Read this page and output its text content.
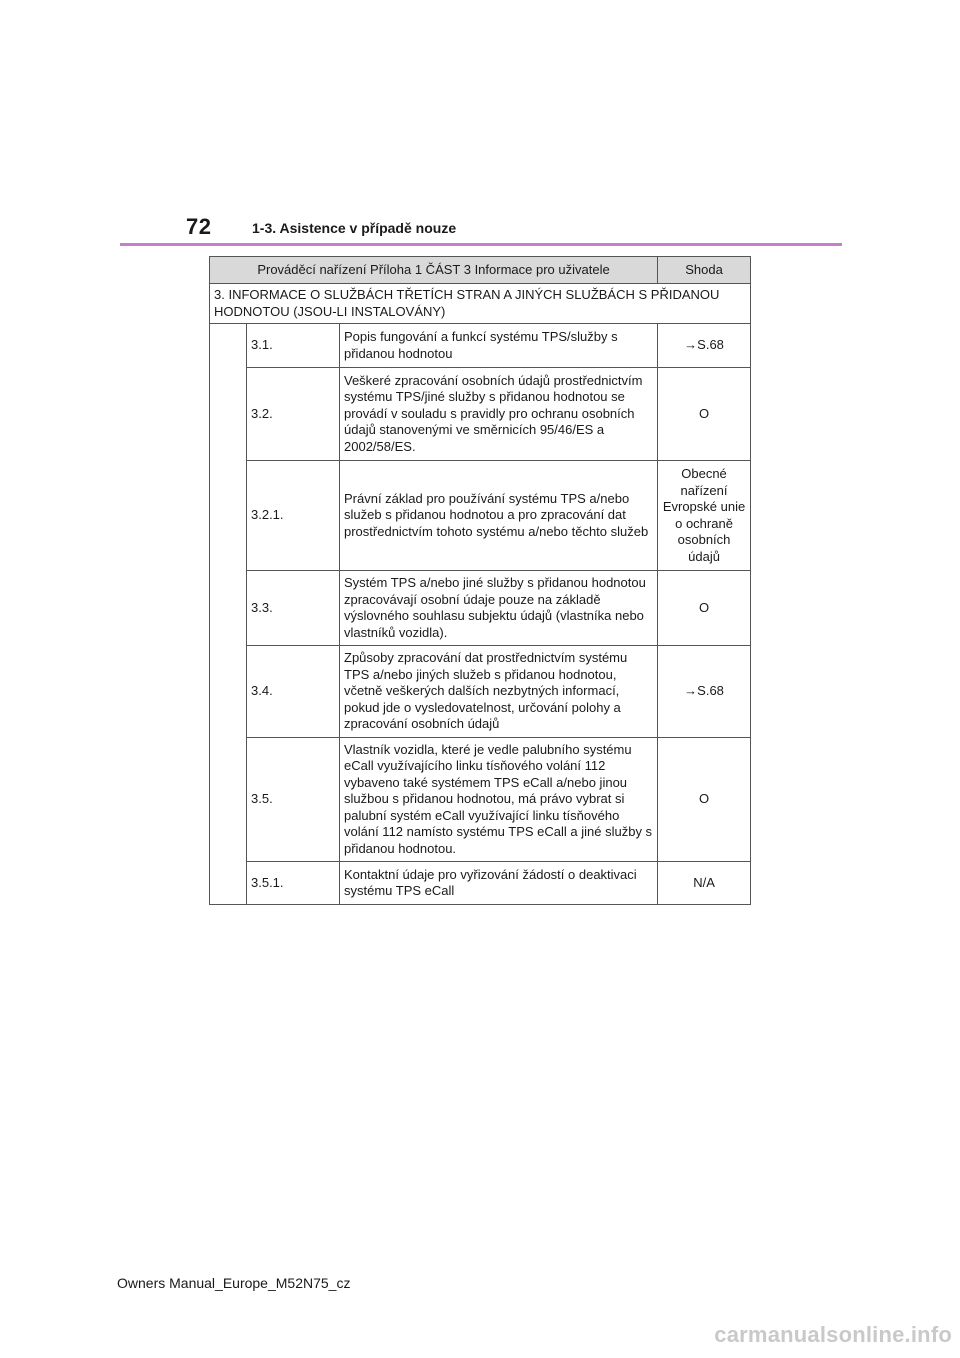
72	1-3. Asistence v případě nouze
Prováděcí nařízení Příloha 1 ČÁST 3 Informace pro uživatele			Shoda
3. INFORMACE O SLUŽBÁCH TŘETÍCH STRAN A JINÝCH SLUŽBÁCH S PŘIDANOU HODNOTOU (JSOU-LI INSTALOVÁNY)			
	3.1.	Popis fungování a funkcí systému TPS/služby s přidanou hodnotou	→S.68
	3.2.	Veškeré zpracování osobních údajů prostřednictvím systému TPS/jiné služby s přidanou hodnotou se provádí v souladu s pravidly pro ochranu osobních údajů stanovenými ve směrnicích 95/46/ES a 2002/58/ES.	O
	3.2.1.	Právní základ pro používání systému TPS a/nebo služeb s přidanou hodnotou a pro zpracování dat prostřednictvím tohoto systému a/nebo těchto služeb	Obecné nařízení Evropské unie o ochraně osobních údajů
	3.3.	Systém TPS a/nebo jiné služby s přidanou hodnotou zpracovávají osobní údaje pouze na základě výslovného souhlasu subjektu údajů (vlastníka nebo vlastníků vozidla).	O
	3.4.	Způsoby zpracování dat prostřednictvím systému TPS a/nebo jiných služeb s přidanou hodnotou, včetně veškerých dalších nezbytných informací, pokud jde o vysledovatelnost, určování polohy a zpracování osobních údajů	→S.68
	3.5.	Vlastník vozidla, které je vedle palubního systému eCall využívajícího linku tísňového volání 112 vybaveno také systémem TPS eCall a/nebo jinou službou s přidanou hodnotou, má právo vybrat si palubní systém eCall využívající linku tísňového volání 112 namísto systému TPS eCall a jiné služby s přidanou hodnotou.	O
	3.5.1.	Kontaktní údaje pro vyřizování žádostí o deaktivaci systému TPS eCall	N/A
Owners Manual_Europe_M52N75_cz
carmanualsonline.info
